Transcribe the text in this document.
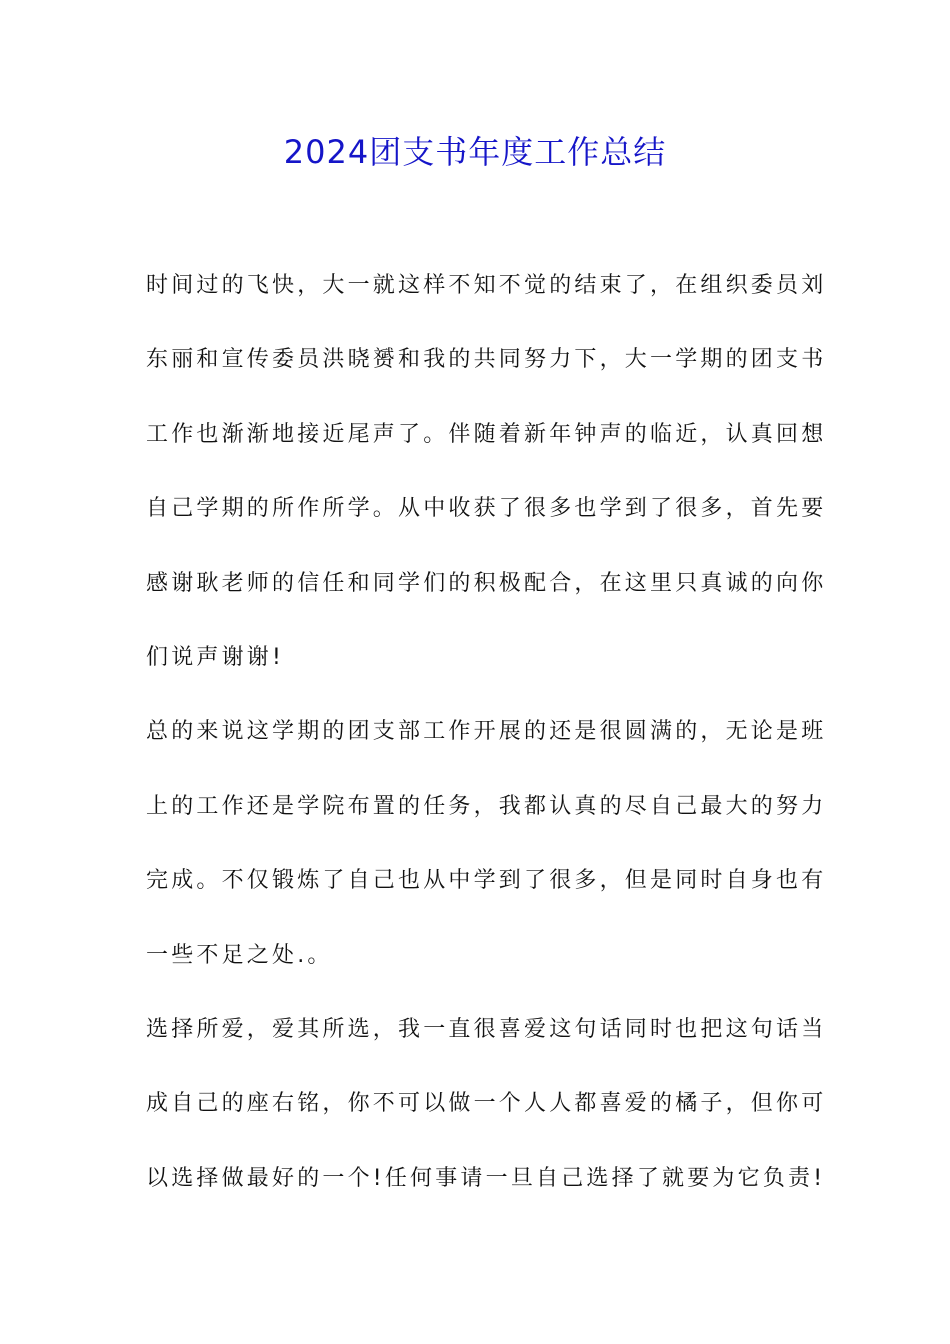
2024团支书年度工作总结
时间过的飞快，大一就这样不知不觉的结束了，在组织委员刘
东丽和宣传委员洪晓赟和我的共同努力下，大一学期的团支书
工作也渐渐地接近尾声了。伴随着新年钟声的临近，认真回想
自己学期的所作所学。从中收获了很多也学到了很多，首先要
感谢耿老师的信任和同学们的积极配合，在这里只真诚的向你
们说声谢谢!
总的来说这学期的团支部工作开展的还是很圆满的，无论是班
上的工作还是学院布置的任务，我都认真的尽自己最大的努力
完成。不仅锻炼了自己也从中学到了很多，但是同时自身也有
一些不足之处.。
选择所爱，爱其所选，我一直很喜爱这句话同时也把这句话当
成自己的座右铭，你不可以做一个人人都喜爱的橘子，但你可
以选择做最好的一个!任何事请一旦自己选择了就要为它负责!
